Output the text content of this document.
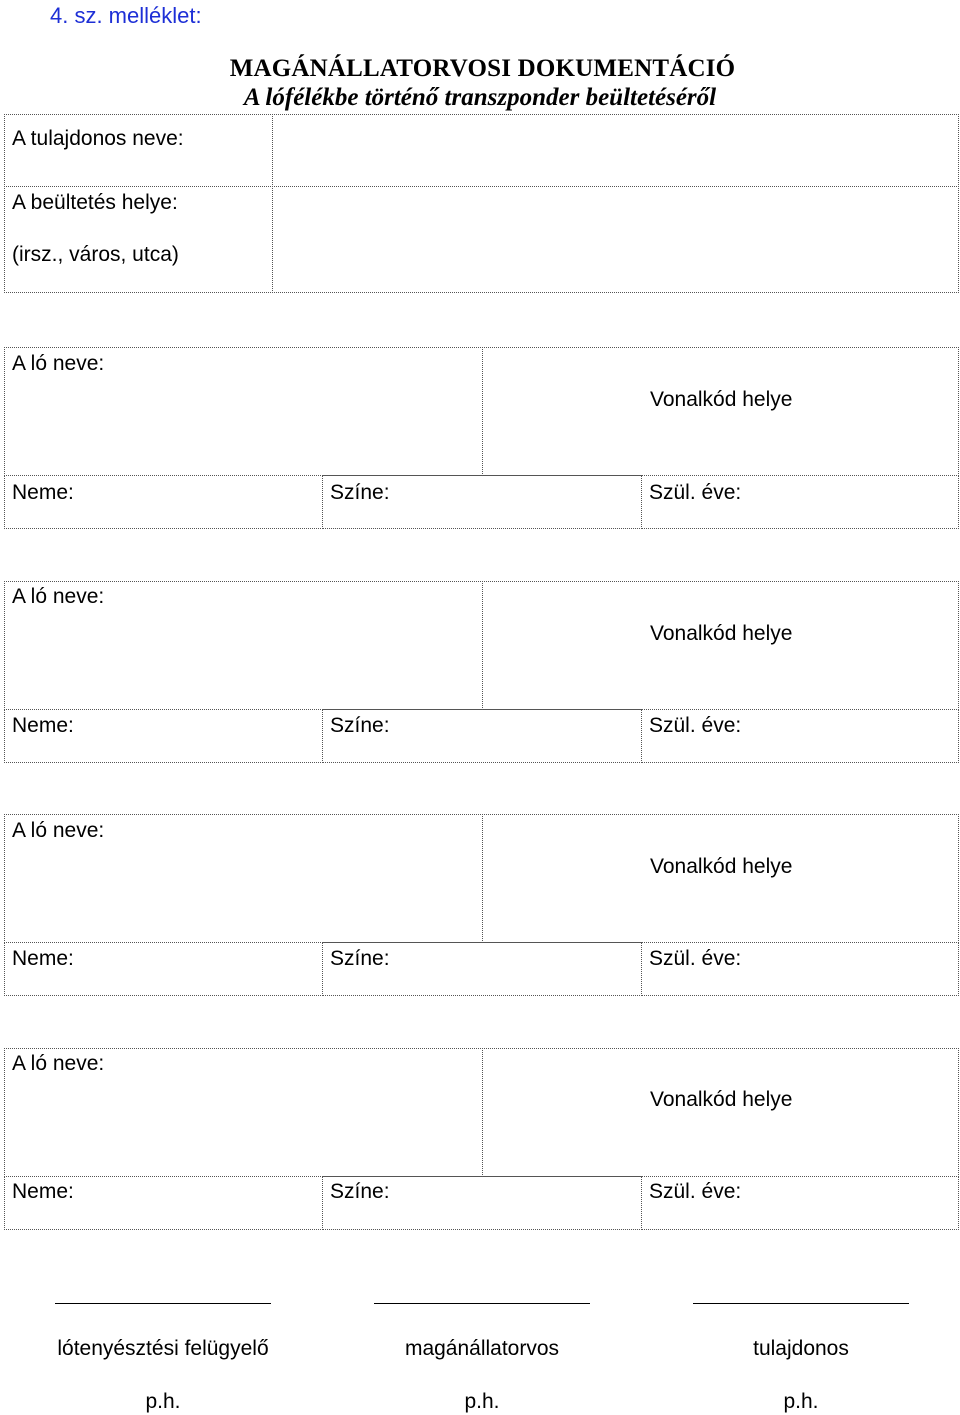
4. sz. melléklet:
MAGÁNÁLLATORVOSI DOKUMENTÁCIÓ
A lófélékbe történő transzponder beültetéséről
A tulajdonos neve:
A beültetés helye:
(irsz., város, utca)
A ló neve:
Vonalkód helye
Neme:	Színe:	Szül. éve:
A ló neve:
Vonalkód helye
Neme:	Színe:	Szül. éve:
A ló neve:
Vonalkód helye
Neme:	Színe:	Szül. éve:
A ló neve:
Vonalkód helye
Neme:	Színe:	Szül. éve:
lótenyésztési felügyelő	magánállatorvos	tulajdonos
p.h.	p.h.	p.h.
